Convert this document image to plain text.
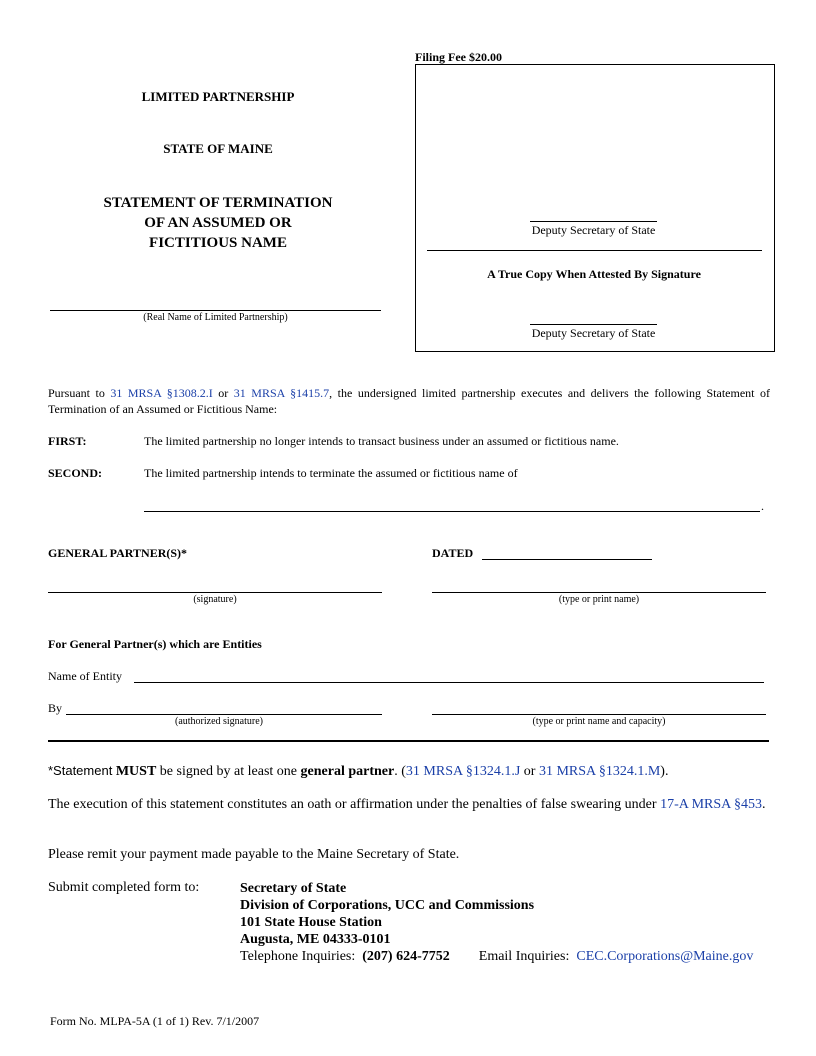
LIMITED PARTNERSHIP
STATE OF MAINE
STATEMENT OF TERMINATION
OF AN ASSUMED OR
FICTITIOUS NAME
(Real Name of Limited Partnership)
Filing Fee $20.00
Deputy Secretary of State
A True Copy When Attested By Signature
Deputy Secretary of State
Pursuant to 31 MRSA §1308.2.I or 31 MRSA §1415.7, the undersigned limited partnership executes and delivers the following Statement of Termination of an Assumed or Fictitious Name:
FIRST:	The limited partnership no longer intends to transact business under an assumed or fictitious name.
SECOND:	The limited partnership intends to terminate the assumed or fictitious name of
.
GENERAL PARTNER(S)*	DATED
(signature)	(type or print name)
For General Partner(s) which are Entities
Name of Entity
By
(authorized signature)	(type or print name and capacity)
*Statement MUST be signed by at least one general partner. (31 MRSA §1324.1.J or 31 MRSA §1324.1.M).
The execution of this statement constitutes an oath or affirmation under the penalties of false swearing under 17-A MRSA §453.
Please remit your payment made payable to the Maine Secretary of State.
Submit completed form to:	Secretary of State
Division of Corporations, UCC and Commissions
101 State House Station
Augusta, ME 04333-0101
Telephone Inquiries: (207) 624-7752 Email Inquiries: CEC.Corporations@Maine.gov
Form No. MLPA-5A (1 of 1) Rev. 7/1/2007
